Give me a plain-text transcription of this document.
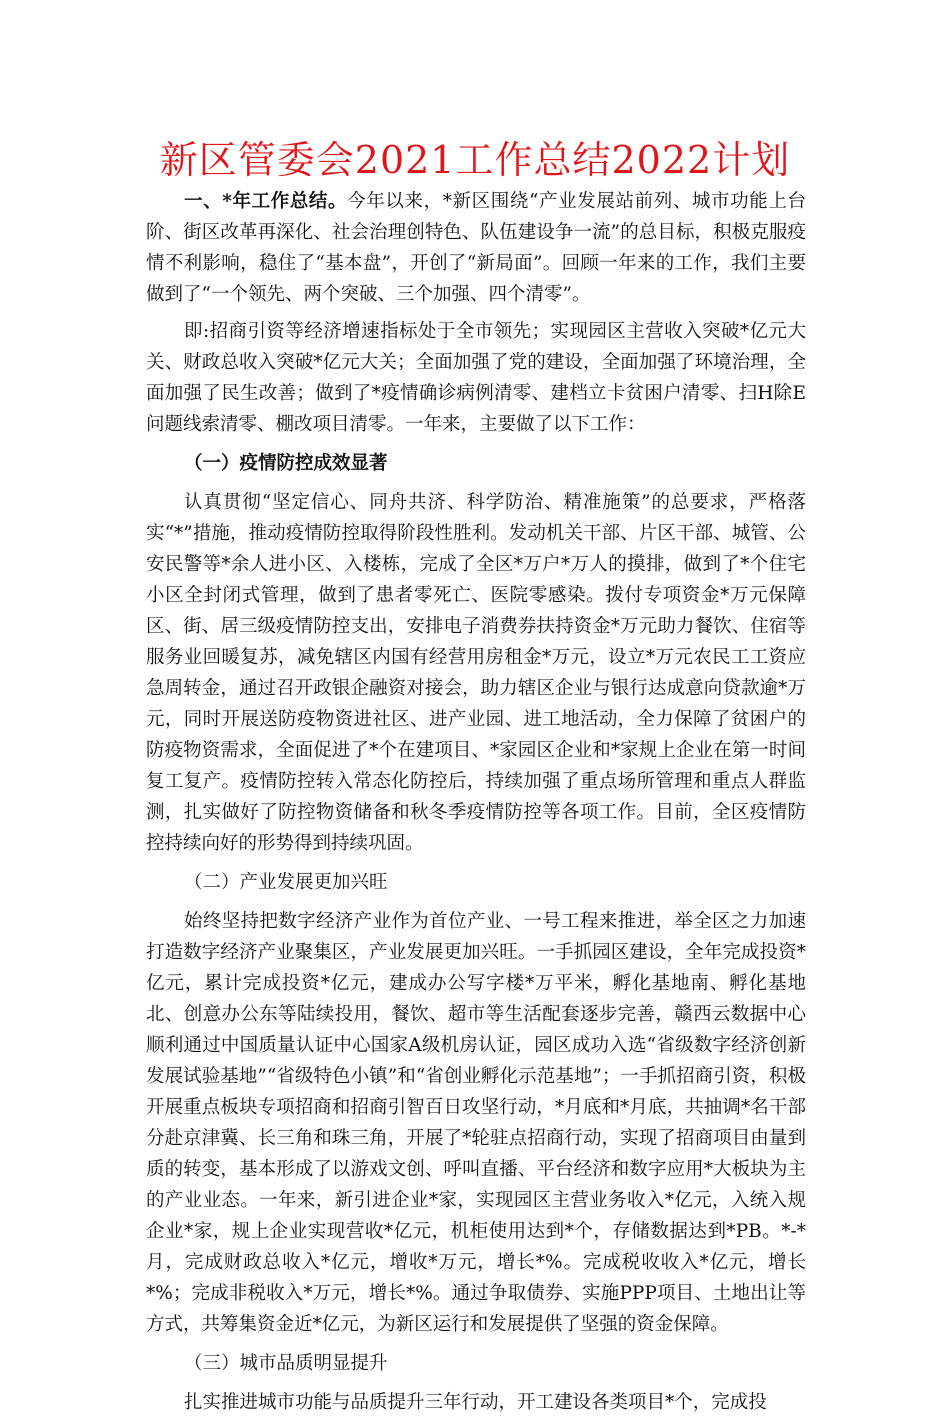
新区管委会2021工作总结2022计划

一、*年工作总结。今年以来，*新区围绕“产业发展站前列、城市功能上台阶、街区改革再深化、社会治理创特色、队伍建设争一流”的总目标，积极克服疫情不利影响，稳住了“基本盘”，开创了“新局面”。回顾一年来的工作，我们主要做到了“一个领先、两个突破、三个加强、四个清零”。

即:招商引资等经济增速指标处于全市领先；实现园区主营收入突破*亿元大关、财政总收入突破*亿元大关；全面加强了党的建设，全面加强了环境治理，全面加强了民生改善；做到了*疫情确诊病例清零、建档立卡贫困户清零、扫H除E问题线索清零、棚改项目清零。一年来，主要做了以下工作：

（一）疫情防控成效显著

认真贯彻“坚定信心、同舟共济、科学防治、精准施策”的总要求，严格落实“*”措施，推动疫情防控取得阶段性胜利。发动机关干部、片区干部、城管、公安民警等*余人进小区、入楼栋，完成了全区*万户*万人的摸排，做到了*个住宅小区全封闭式管理，做到了患者零死亡、医院零感染。拨付专项资金*万元保障区、街、居三级疫情防控支出，安排电子消费券扶持资金*万元助力餐饮、住宿等服务业回暖复苏，减免辖区内国有经营用房租金*万元，设立*万元农民工工资应急周转金，通过召开政银企融资对接会，助力辖区企业与银行达成意向贷款逾*万元，同时开展送防疫物资进社区、进产业园、进工地活动，全力保障了贫困户的防疫物资需求，全面促进了*个在建项目、*家园区企业和*家规上企业在第一时间复工复产。疫情防控转入常态化防控后，持续加强了重点场所管理和重点人群监测，扎实做好了防控物资储备和秋冬季疫情防控等各项工作。目前，全区疫情防控持续向好的形势得到持续巩固。

（二）产业发展更加兴旺

始终坚持把数字经济产业作为首位产业、一号工程来推进，举全区之力加速打造数字经济产业聚集区，产业发展更加兴旺。一手抓园区建设，全年完成投资*亿元，累计完成投资*亿元，建成办公写字楼*万平米，孵化基地南、孵化基地北、创意办公东等陆续投用，餐饮、超市等生活配套逐步完善，赣西云数据中心顺利通过中国质量认证中心国家A级机房认证，园区成功入选“省级数字经济创新发展试验基地”“省级特色小镇”和“省创业孵化示范基地”；一手抓招商引资，积极开展重点板块专项招商和招商引智百日攻坚行动，*月底和*月底，共抽调*名干部分赴京津冀、长三角和珠三角，开展了*轮驻点招商行动，实现了招商项目由量到质的转变，基本形成了以游戏文创、呼叫直播、平台经济和数字应用*大板块为主的产业业态。一年来，新引进企业*家，实现园区主营业务收入*亿元，入统入规企业*家，规上企业实现营收*亿元，机柜使用达到*个，存储数据达到*PB。*-*月，完成财政总收入*亿元，增收*万元，增长*%。完成税收收入*亿元，增长*%；完成非税收入*万元，增长*%。通过争取债券、实施PPP项目、土地出让等方式，共筹集资金近*亿元，为新区运行和发展提供了坚强的资金保障。

（三）城市品质明显提升

扎实推进城市功能与品质提升三年行动，开工建设各类项目*个，完成投
